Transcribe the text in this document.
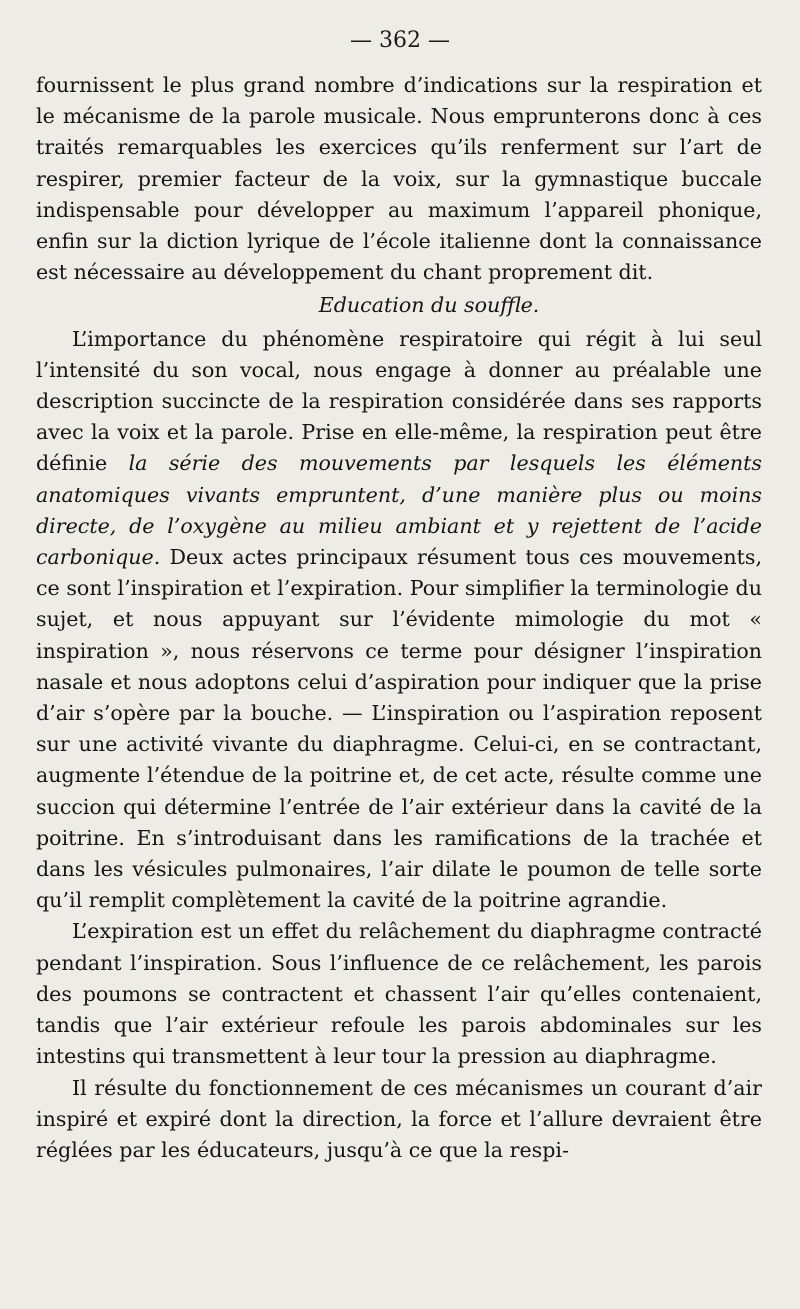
— 362 —

fournissent le plus grand nombre d’indications sur la respiration et le mécanisme de la parole musicale. Nous emprunterons donc à ces traités remarquables les exercices qu’ils renferment sur l’art de respirer, premier facteur de la voix, sur la gymnastique buccale indispensable pour développer au maximum l’appareil phonique, enfin sur la diction lyrique de l’école italienne dont la connaissance est nécessaire au développement du chant proprement dit.

Education du souffle.

L’importance du phénomène respiratoire qui régit à lui seul l’intensité du son vocal, nous engage à donner au préalable une description succincte de la respiration considérée dans ses rapports avec la voix et la parole. Prise en elle-même, la respiration peut être définie la série des mouvements par lesquels les éléments anatomiques vivants empruntent, d’une manière plus ou moins directe, de l’oxygène au milieu ambiant et y rejettent de l’acide carbonique. Deux actes principaux résument tous ces mouvements, ce sont l’inspiration et l’expiration. Pour simplifier la terminologie du sujet, et nous appuyant sur l’évidente mimologie du mot « inspiration », nous réservons ce terme pour désigner l’inspiration nasale et nous adoptons celui d’aspiration pour indiquer que la prise d’air s’opère par la bouche. — L’inspiration ou l’aspiration reposent sur une activité vivante du diaphragme. Celui-ci, en se contractant, augmente l’étendue de la poitrine et, de cet acte, résulte comme une succion qui détermine l’entrée de l’air extérieur dans la cavité de la poitrine. En s’introduisant dans les ramifications de la trachée et dans les vésicules pulmonaires, l’air dilate le poumon de telle sorte qu’il remplit complètement la cavité de la poitrine agrandie.

L’expiration est un effet du relâchement du diaphragme contracté pendant l’inspiration. Sous l’influence de ce relâchement, les parois des poumons se contractent et chassent l’air qu’elles contenaient, tandis que l’air extérieur refoule les parois abdominales sur les intestins qui transmettent à leur tour la pression au diaphragme.

Il résulte du fonctionnement de ces mécanismes un courant d’air inspiré et expiré dont la direction, la force et l’allure devraient être réglées par les éducateurs, jusqu’à ce que la respi-
